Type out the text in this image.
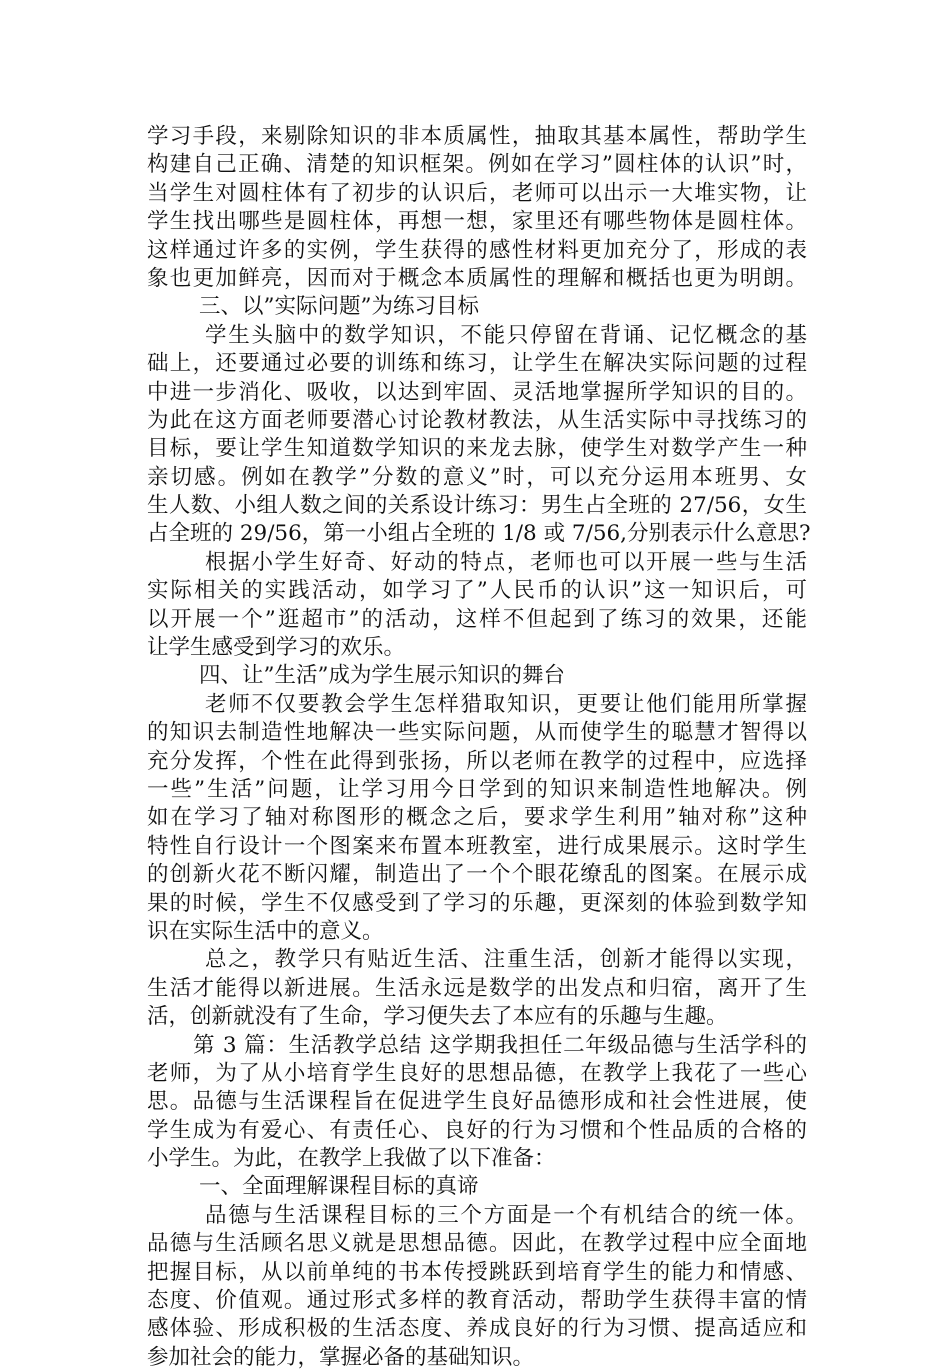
学习手段，来剔除知识的非本质属性，抽取其基本属性，帮助学生
构建自己正确、清楚的知识框架。例如在学习”圆柱体的认识”时，
当学生对圆柱体有了初步的认识后，老师可以出示一大堆实物，让
学生找出哪些是圆柱体，再想一想，家里还有哪些物体是圆柱体。
这样通过许多的实例，学生获得的感性材料更加充分了，形成的表
象也更加鲜亮，因而对于概念本质属性的理解和概括也更为明朗。
三、以”实际问题”为练习目标
学生头脑中的数学知识，不能只停留在背诵、记忆概念的基
础上，还要通过必要的训练和练习，让学生在解决实际问题的过程
中进一步消化、吸收，以达到牢固、灵活地掌握所学知识的目的。
为此在这方面老师要潜心讨论教材教法，从生活实际中寻找练习的
目标，要让学生知道数学知识的来龙去脉，使学生对数学产生一种
亲切感。例如在教学”分数的意义”时，可以充分运用本班男、女
生人数、小组人数之间的关系设计练习：男生占全班的 27/56，女生
占全班的 29/56，第一小组占全班的 1/8 或 7/56,分别表示什么意思?
根据小学生好奇、好动的特点，老师也可以开展一些与生活
实际相关的实践活动，如学习了”人民币的认识”这一知识后，可
以开展一个”逛超市”的活动，这样不但起到了练习的效果，还能
让学生感受到学习的欢乐。
四、让”生活”成为学生展示知识的舞台
老师不仅要教会学生怎样猎取知识，更要让他们能用所掌握
的知识去制造性地解决一些实际问题，从而使学生的聪慧才智得以
充分发挥，个性在此得到张扬，所以老师在教学的过程中，应选择
一些”生活”问题，让学习用今日学到的知识来制造性地解决。例
如在学习了轴对称图形的概念之后，要求学生利用”轴对称”这种
特性自行设计一个图案来布置本班教室，进行成果展示。这时学生
的创新火花不断闪耀，制造出了一个个眼花缭乱的图案。在展示成
果的时候，学生不仅感受到了学习的乐趣，更深刻的体验到数学知
识在实际生活中的意义。
总之，教学只有贴近生活、注重生活，创新才能得以实现，
生活才能得以新进展。生活永远是数学的出发点和归宿，离开了生
活，创新就没有了生命，学习便失去了本应有的乐趣与生趣。
第 3 篇：生活教学总结 这学期我担任二年级品德与生活学科的
老师，为了从小培育学生良好的思想品德，在教学上我花了一些心
思。品德与生活课程旨在促进学生良好品德形成和社会性进展，使
学生成为有爱心、有责任心、良好的行为习惯和个性品质的合格的
小学生。为此，在教学上我做了以下准备：
一、全面理解课程目标的真谛
品德与生活课程目标的三个方面是一个有机结合的统一体。
品德与生活顾名思义就是思想品德。因此，在教学过程中应全面地
把握目标，从以前单纯的书本传授跳跃到培育学生的能力和情感、
态度、价值观。通过形式多样的教育活动，帮助学生获得丰富的情
感体验、形成积极的生活态度、养成良好的行为习惯、提高适应和
参加社会的能力，掌握必备的基础知识。
